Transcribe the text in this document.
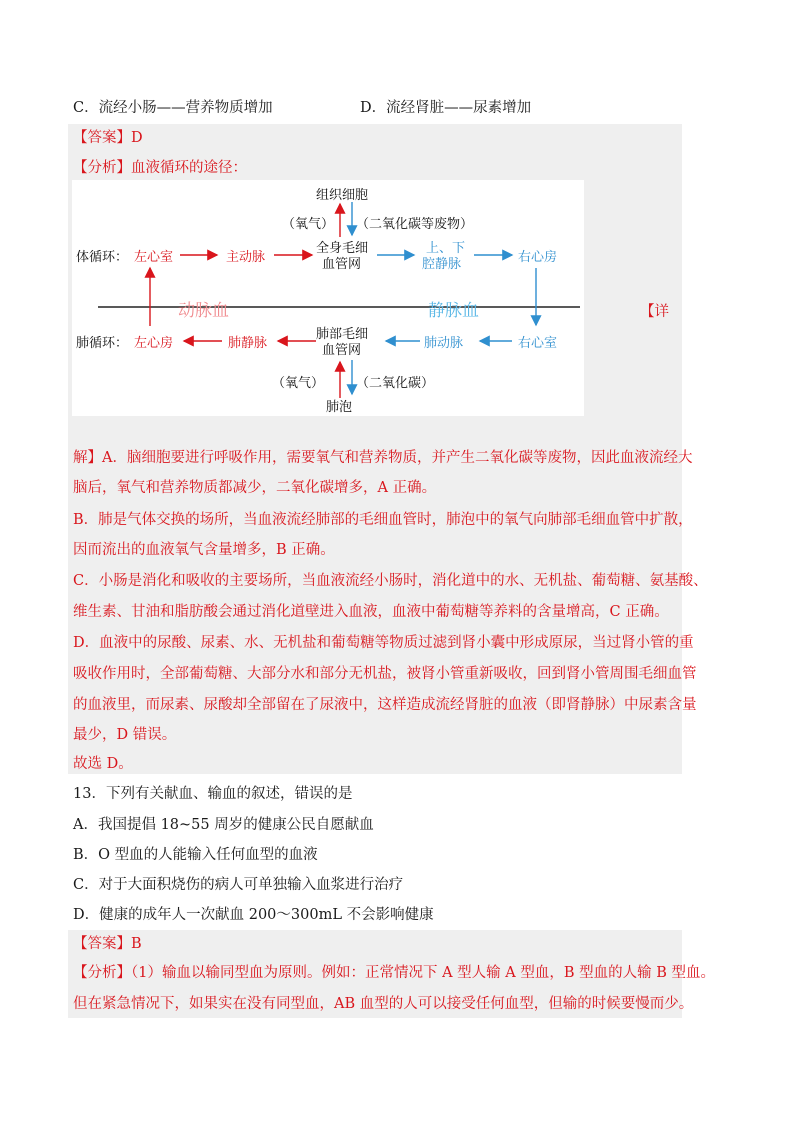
C．流经小肠——营养物质增加	D．流经肾脏——尿素增加
【答案】D
【分析】血液循环的途径：
组织细胞
（氧气） （二氧化碳等废物）
体循环： 左心室	主动脉
全身毛细
血管网
上、下
腔静脉	右心房
动脉血	静脉血
肺循环： 左心房	肺静脉
肺部毛细
血管网	肺动脉	右心室
（氧气） （二氧化碳）
肺泡
【详
解】A．脑细胞要进行呼吸作用，需要氧气和营养物质，并产生二氧化碳等废物，因此血液流经大
脑后，氧气和营养物质都减少，二氧化碳增多，A 正确。
B．肺是气体交换的场所，当血液流经肺部的毛细血管时，肺泡中的氧气向肺部毛细血管中扩散，
因而流出的血液氧气含量增多，B 正确。
C．小肠是消化和吸收的主要场所，当血液流经小肠时，消化道中的水、无机盐、葡萄糖、氨基酸、
维生素、甘油和脂肪酸会通过消化道壁进入血液，血液中葡萄糖等养料的含量增高，C 正确。
D．血液中的尿酸、尿素、水、无机盐和葡萄糖等物质过滤到肾小囊中形成原尿，当过肾小管的重
吸收作用时，全部葡萄糖、大部分水和部分无机盐，被肾小管重新吸收，回到肾小管周围毛细血管
的血液里，而尿素、尿酸却全部留在了尿液中，这样造成流经肾脏的血液（即肾静脉）中尿素含量
最少，D 错误。
故选 D。
13．下列有关献血、输血的叙述，错误的是
A．我国提倡 18~55 周岁的健康公民自愿献血
B．O 型血的人能输入任何血型的血液
C．对于大面积烧伤的病人可单独输入血浆进行治疗
D．健康的成年人一次献血 200～300mL 不会影响健康
【答案】B
【分析】（1）输血以输同型血为原则。例如：正常情况下 A 型人输 A 型血，B 型血的人输 B 型血。
但在紧急情况下，如果实在没有同型血，AB 血型的人可以接受任何血型，但输的时候要慢而少。
